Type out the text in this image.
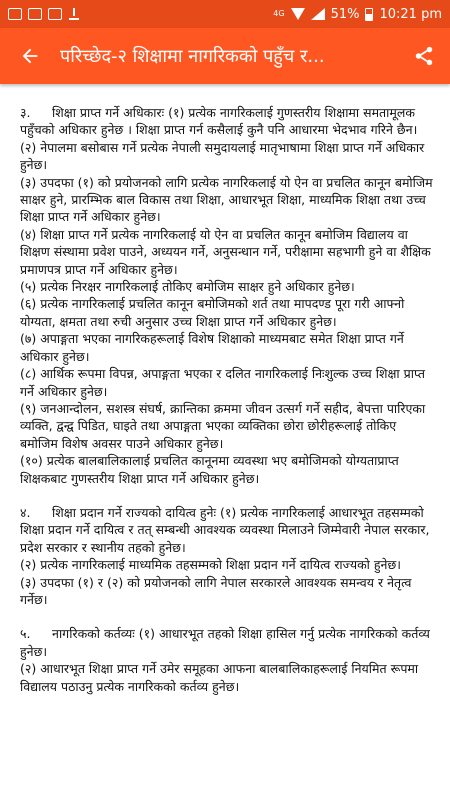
4G	51% 10:21 pm
परिच्छेद-२ शिक्षामा नागरिकको पहुँच र...

३. शिक्षा प्राप्त गर्ने अधिकारः (१) प्रत्येक नागरिकलाई गुणस्तरीय शिक्षामा समतामूलक पहुँचको अधिकार हुनेछ । शिक्षा प्राप्त गर्न कसैलाई कुनै पनि आधारमा भेदभाव गरिने छैन।

(२) नेपालमा बसोबास गर्ने प्रत्येक नेपाली समुदायलाई मातृभाषामा शिक्षा प्राप्त गर्ने अधिकार हुनेछ।

(३) उपदफा (१) को प्रयोजनको लागि प्रत्येक नागरिकलाई यो ऐन वा प्रचलित कानून बमोजिम साक्षर हुने, प्रारम्भिक बाल विकास तथा शिक्षा, आधारभूत शिक्षा, माध्यमिक शिक्षा तथा उच्च शिक्षा प्राप्त गर्ने अधिकार हुनेछ।

(४) शिक्षा प्राप्त गर्ने प्रत्येक नागरिकलाई यो ऐन वा प्रचलित कानून बमोजिम विद्यालय वा शिक्षण संस्थामा प्रवेश पाउने, अध्ययन गर्ने, अनुसन्धान गर्ने, परीक्षामा सहभागी हुने वा शैक्षिक प्रमाणपत्र प्राप्त गर्ने अधिकार हुनेछ।

(५) प्रत्येक निरक्षर नागरिकलाई तोकिए बमोजिम साक्षर हुने अधिकार हुनेछ।

(६) प्रत्येक नागरिकलाई प्रचलित कानून बमोजिमको शर्त तथा मापदण्ड पूरा गरी आफ्नो योग्यता, क्षमता तथा रुची अनुसार उच्च शिक्षा प्राप्त गर्ने अधिकार हुनेछ।

(७) अपाङ्गता भएका नागरिकहरूलाई विशेष शिक्षाको माध्यमबाट समेत शिक्षा प्राप्त गर्ने अधिकार हुनेछ।

(८) आर्थिक रूपमा विपन्न, अपाङ्गता भएका र दलित नागरिकलाई निःशुल्क उच्च शिक्षा प्राप्त गर्ने अधिकार हुनेछ।

(९) जनआन्दोलन, सशस्त्र संघर्ष, क्रान्तिका क्रममा जीवन उत्सर्ग गर्ने सहीद, बेपत्ता पारिएका व्यक्ति, द्वन्द्व पिडित, घाइते तथा अपाङ्गता भएका व्यक्तिका छोरा छोरीहरूलाई तोकिए बमोजिम विशेष अवसर पाउने अधिकार हुनेछ।

(१०) प्रत्येक बालबालिकालाई प्रचलित कानूनमा व्यवस्था भए बमोजिमको योग्यताप्राप्त शिक्षकबाट गुणस्तरीय शिक्षा प्राप्त गर्ने अधिकार हुनेछ।

४. शिक्षा प्रदान गर्ने राज्यको दायित्व हुनेः (१) प्रत्येक नागरिकलाई आधारभूत तहसम्मको शिक्षा प्रदान गर्ने दायित्व र तत् सम्बन्धी आवश्यक व्यवस्था मिलाउने जिम्मेवारी नेपाल सरकार, प्रदेश सरकार र स्थानीय तहको हुनेछ।

(२) प्रत्येक नागरिकलाई माध्यमिक तहसम्मको शिक्षा प्रदान गर्ने दायित्व राज्यको हुनेछ।

(३) उपदफा (१) र (२) को प्रयोजनको लागि नेपाल सरकारले आवश्यक समन्वय र नेतृत्व गर्नेछ।

५. नागरिकको कर्तव्यः (१) आधारभूत तहको शिक्षा हासिल गर्नु प्रत्येक नागरिकको कर्तव्य हुनेछ।

(२) आधारभूत शिक्षा प्राप्त गर्ने उमेर समूहका आफना बालबालिकाहरूलाई नियमित रूपमा विद्यालय पठाउनु प्रत्येक नागरिकको कर्तव्य हुनेछ।
